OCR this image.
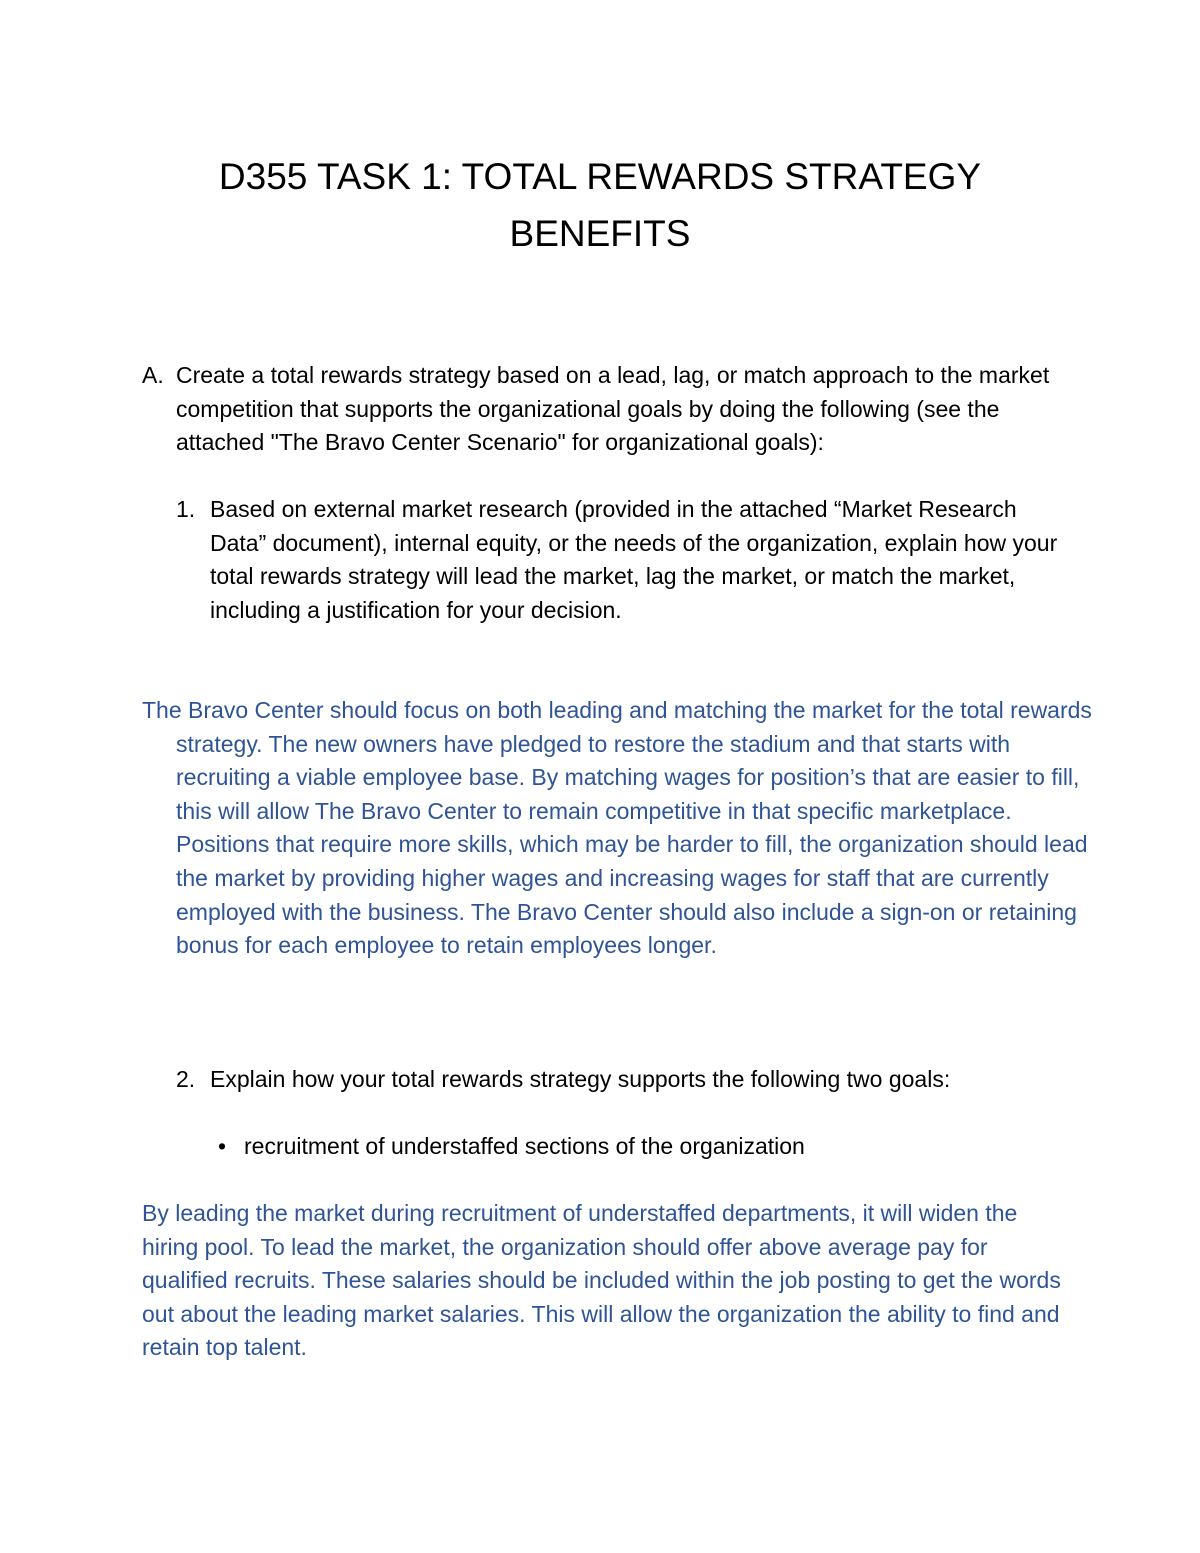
D355 TASK 1: TOTAL REWARDS STRATEGY
BENEFITS
A. Create a total rewards strategy based on a lead, lag, or match approach to the market competition that supports the organizational goals by doing the following (see the attached "The Bravo Center Scenario" for organizational goals):
1. Based on external market research (provided in the attached “Market Research Data” document), internal equity, or the needs of the organization, explain how your total rewards strategy will lead the market, lag the market, or match the market, including a justification for your decision.

The Bravo Center should focus on both leading and matching the market for the total rewards strategy. The new owners have pledged to restore the stadium and that starts with recruiting a viable employee base. By matching wages for position’s that are easier to fill, this will allow The Bravo Center to remain competitive in that specific marketplace. Positions that require more skills, which may be harder to fill, the organization should lead the market by providing higher wages and increasing wages for staff that are currently employed with the business. The Bravo Center should also include a sign-on or retaining bonus for each employee to retain employees longer.

2. Explain how your total rewards strategy supports the following two goals:
• recruitment of understaffed sections of the organization

By leading the market during recruitment of understaffed departments, it will widen the hiring pool. To lead the market, the organization should offer above average pay for qualified recruits. These salaries should be included within the job posting to get the words out about the leading market salaries. This will allow the organization the ability to find and retain top talent.
